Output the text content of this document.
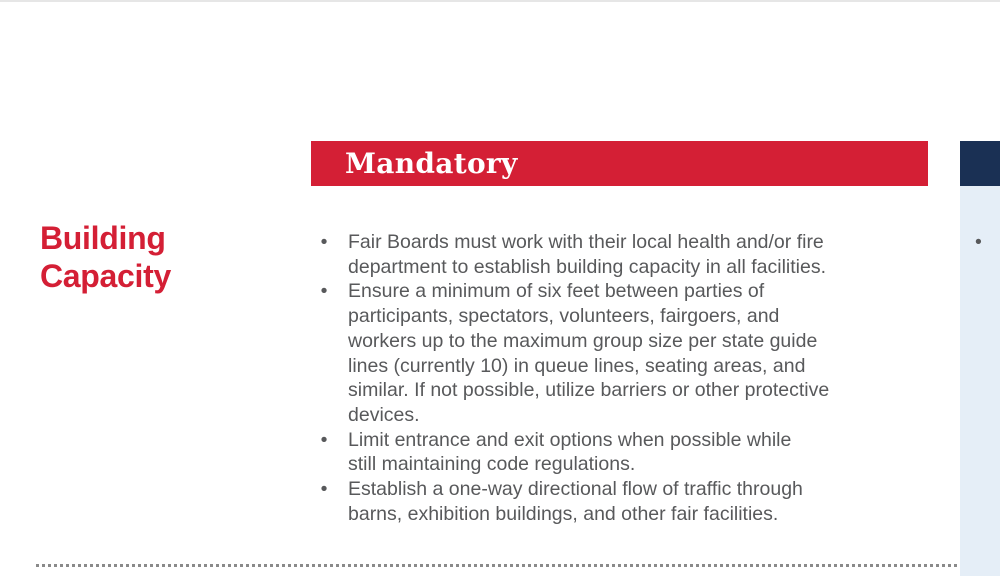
Building
Capacity
Mandatory
• Fair Boards must work with their local health and/or fire
department to establish building capacity in all facilities.
• Ensure a minimum of six feet between parties of
participants, spectators, volunteers, fairgoers, and
workers up to the maximum group size per state guide
lines (currently 10) in queue lines, seating areas, and
similar. If not possible, utilize barriers or other protective
devices.
• Limit entrance and exit options when possible while
still maintaining code regulations.
• Establish a one-way directional flow of traffic through
barns, exhibition buildings, and other fair facilities.
•
